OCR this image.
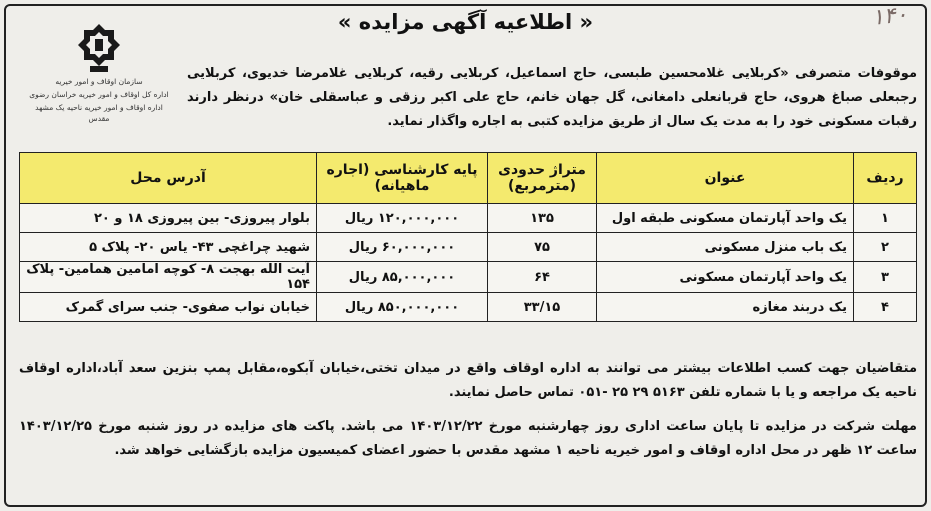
۱۴۰
« اطلاعیه آگهی مزایده »
سازمان اوقاف و امور خیریه
اداره کل اوقاف و امور خیریه خراسان رضوی
اداره اوقاف و امور خیریه ناحیه یک مشهد مقدس

موقوفات متصرفی «کربلایی غلامحسین طبسی، حاج اسماعیل، کربلایی رقیه، کربلایی غلامرضا خدیوی، کربلایی رجبعلی صباغ هروی، حاج قربانعلی دامغانی، گل جهان خانم، حاج علی اکبر رزقی و عباسقلی خان» درنظر دارند رقبات مسکونی خود را به مدت یک سال از طریق مزایده کتبی به اجاره واگذار نماید.

ردیف	عنوان	متراژ حدودی (مترمربع)	پایه کارشناسی (اجاره ماهیانه)	آدرس محل
۱	یک واحد آپارتمان مسکونی طبقه اول	۱۳۵	۱۲۰,۰۰۰,۰۰۰ ریال	بلوار پیروزی- بین پیروزی ۱۸ و ۲۰
۲	یک باب منزل مسکونی	۷۵	۶۰,۰۰۰,۰۰۰ ریال	شهید چراغچی ۴۳- یاس ۲۰- پلاک ۵
۳	یک واحد آپارتمان مسکونی	۶۴	۸۵,۰۰۰,۰۰۰ ریال	آیت الله بهجت ۸- کوچه امامین همامین- پلاک ۱۵۴
۴	یک دربند مغازه	۳۳/۱۵	۸۵۰,۰۰۰,۰۰۰ ریال	خیابان نواب صفوی- جنب سرای گمرک

متقاضیان جهت کسب اطلاعات بیشتر می توانند به اداره اوقاف واقع در میدان تختی،خیابان آبکوه،مقابل پمپ بنزین سعد آباد،اداره اوقاف ناحیه یک مراجعه و یا با شماره تلفن ۵۱۶۳ ۲۹ ۲۵ -۰۵۱ تماس حاصل نمایند.

مهلت شرکت در مزایده تا پایان ساعت اداری روز چهارشنبه مورخ ۱۴۰۳/۱۲/۲۲ می باشد. پاکت های مزایده در روز شنبه مورخ ۱۴۰۳/۱۲/۲۵ ساعت ۱۲ ظهر در محل اداره اوقاف و امور خیریه ناحیه ۱ مشهد مقدس با حضور اعضای کمیسیون مزایده بازگشایی خواهد شد.
